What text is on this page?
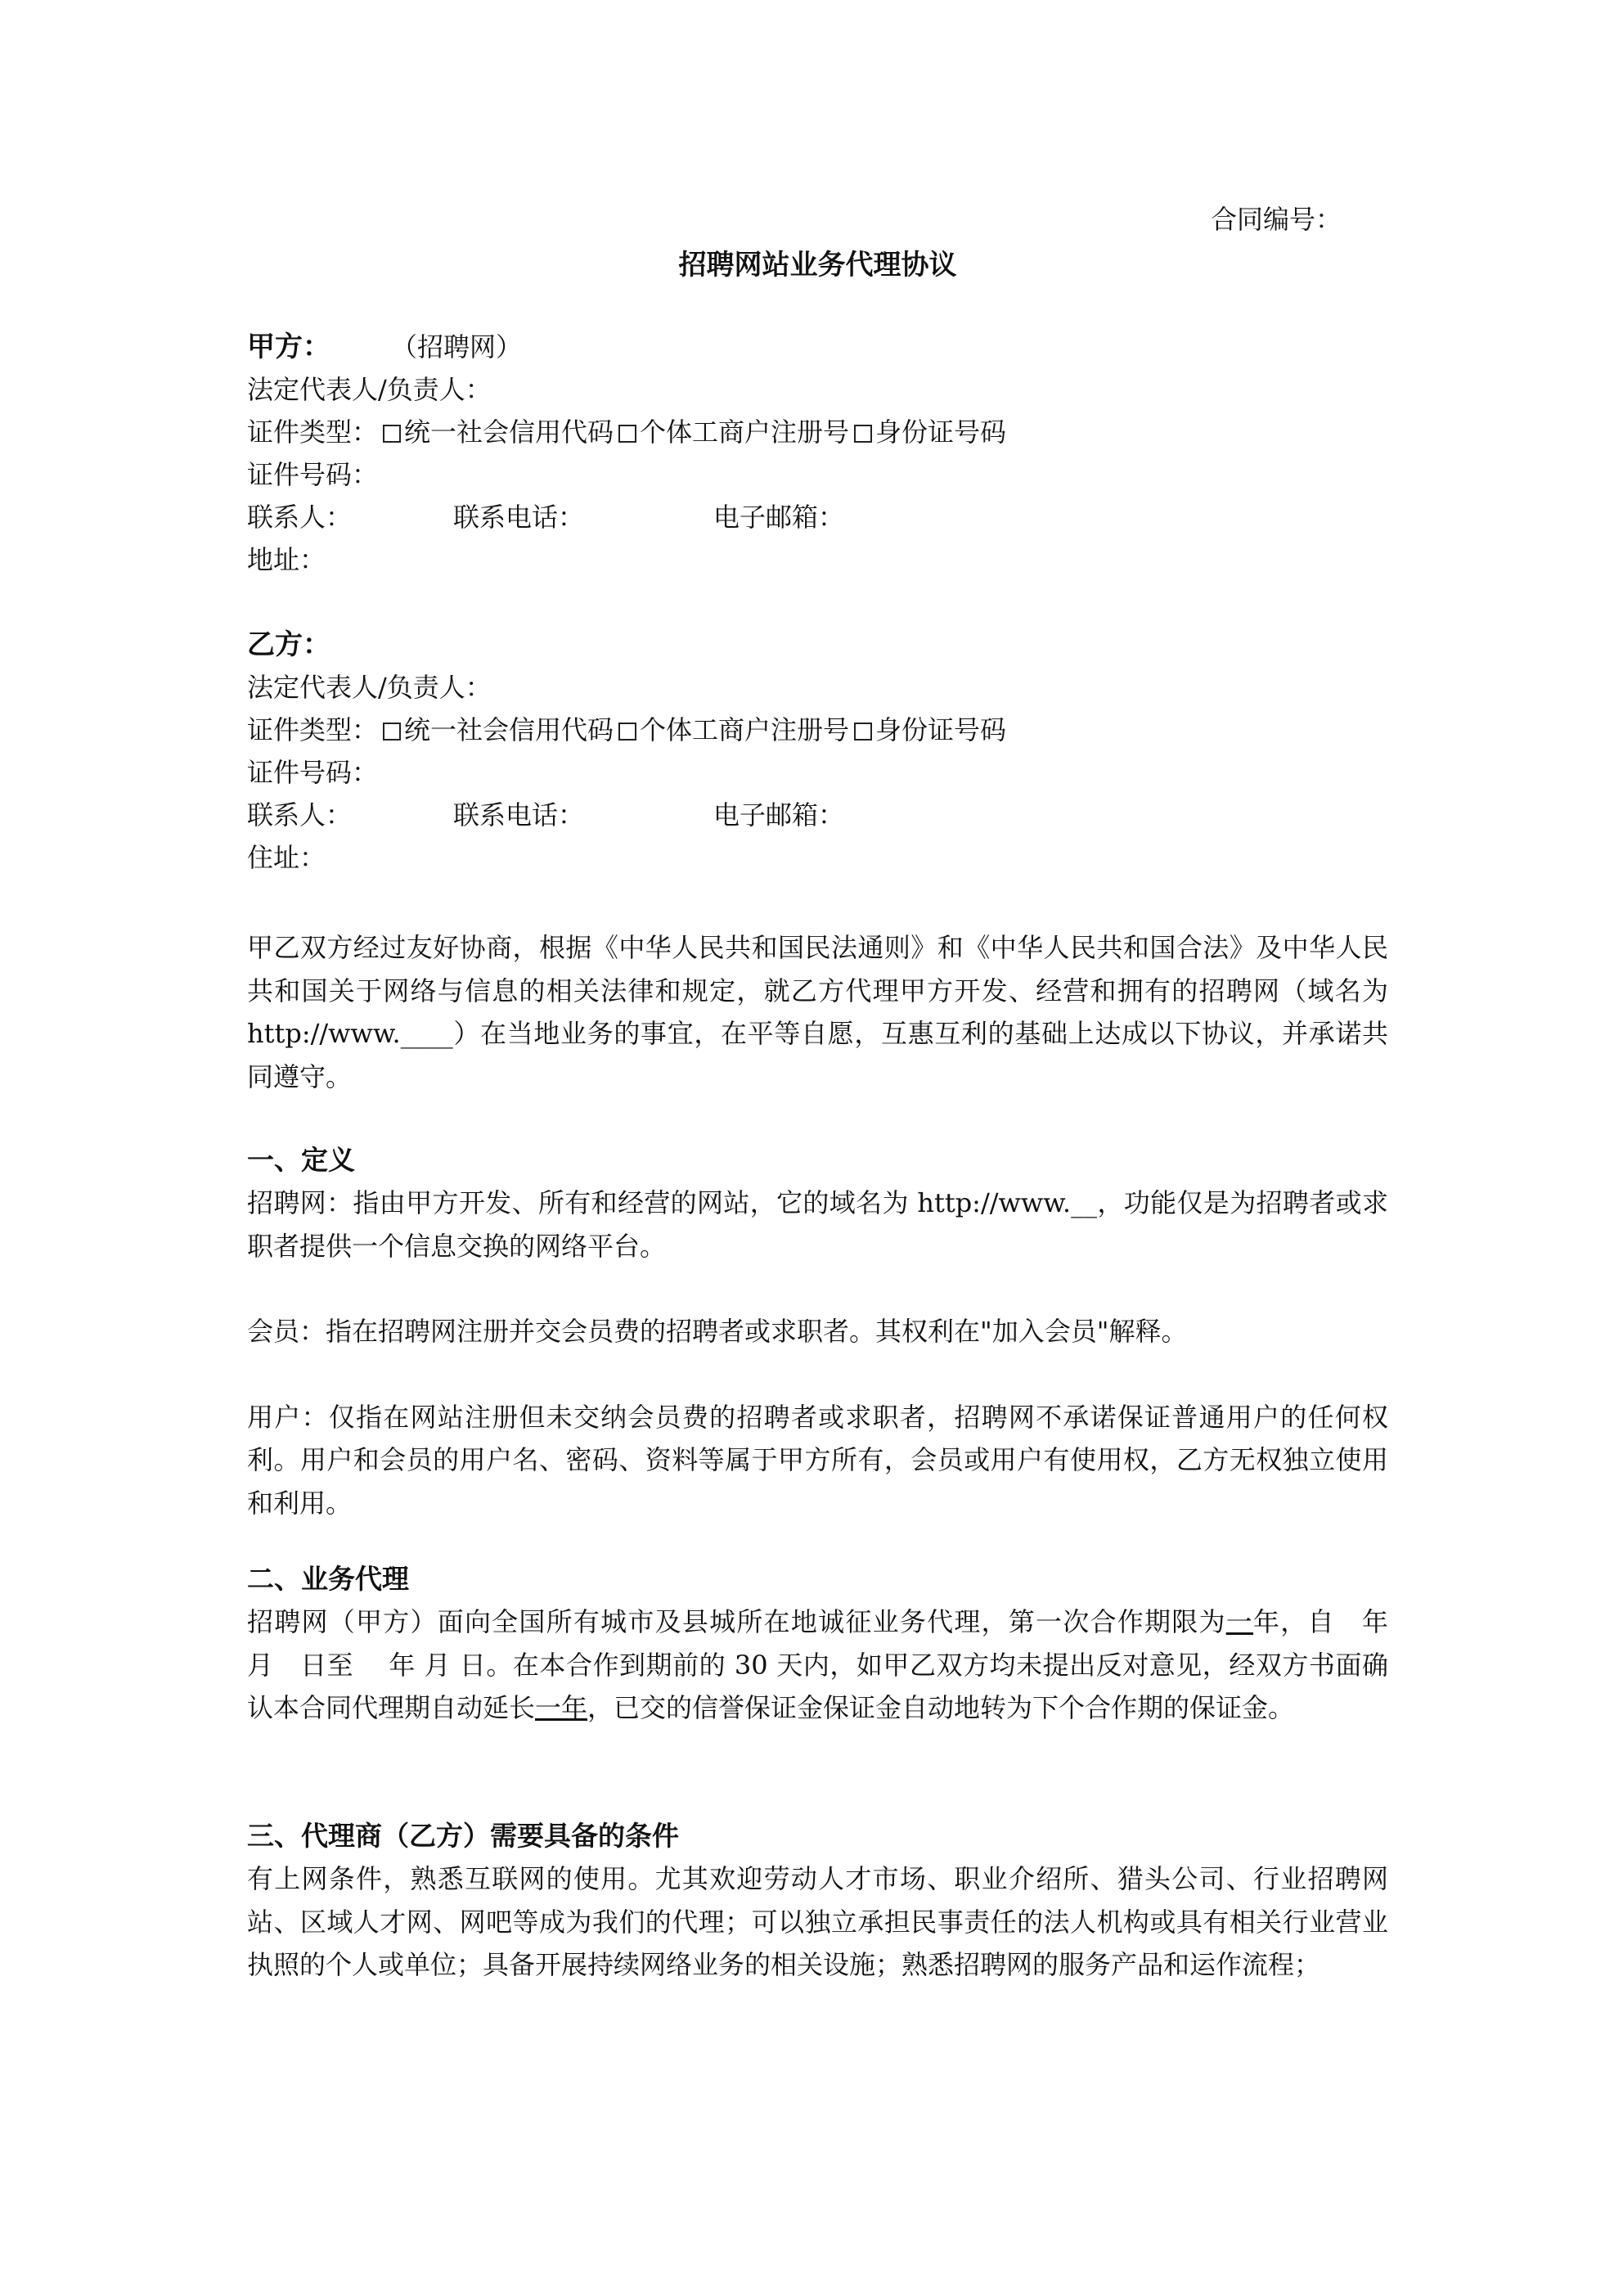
合同编号：
招聘网站业务代理协议
甲方：	（招聘网）
法定代表人/负责人：
证件类型： 统一社会信用代码 个体工商户注册号 身份证号码
证件号码：
联系人：	联系电话：	电子邮箱：
地址：
乙方：
法定代表人/负责人：
证件类型： 统一社会信用代码 个体工商户注册号 身份证号码
证件号码：
联系人：	联系电话：	电子邮箱：
住址：
甲乙双方经过友好协商，根据《中华人民共和国民法通则》和《中华人民共和国合法》及中华人民共和国关于网络与信息的相关法律和规定，就乙方代理甲方开发、经营和拥有的招聘网（域名为 http://www.____）在当地业务的事宜，在平等自愿，互惠互利的基础上达成以下协议，并承诺共同遵守。
一、定义
招聘网：指由甲方开发、所有和经营的网站，它的域名为 http://www.__，功能仅是为招聘者或求职者提供一个信息交换的网络平台。
会员：指在招聘网注册并交会员费的招聘者或求职者。其权利在"加入会员"解释。
用户：仅指在网站注册但未交纳会员费的招聘者或求职者，招聘网不承诺保证普通用户的任何权利。用户和会员的用户名、密码、资料等属于甲方所有，会员或用户有使用权，乙方无权独立使用和利用。
二、业务代理
招聘网（甲方）面向全国所有城市及县城所在地诚征业务代理，第一次合作期限为一年，自　年　月　日至　 年 月 日。在本合作到期前的 30 天内，如甲乙双方均未提出反对意见，经双方书面确认本合同代理期自动延长一年，已交的信誉保证金保证金自动地转为下个合作期的保证金。
三、代理商（乙方）需要具备的条件
有上网条件，熟悉互联网的使用。尤其欢迎劳动人才市场、职业介绍所、猎头公司、行业招聘网站、区域人才网、网吧等成为我们的代理；可以独立承担民事责任的法人机构或具有相关行业营业执照的个人或单位；具备开展持续网络业务的相关设施；熟悉招聘网的服务产品和运作流程；
